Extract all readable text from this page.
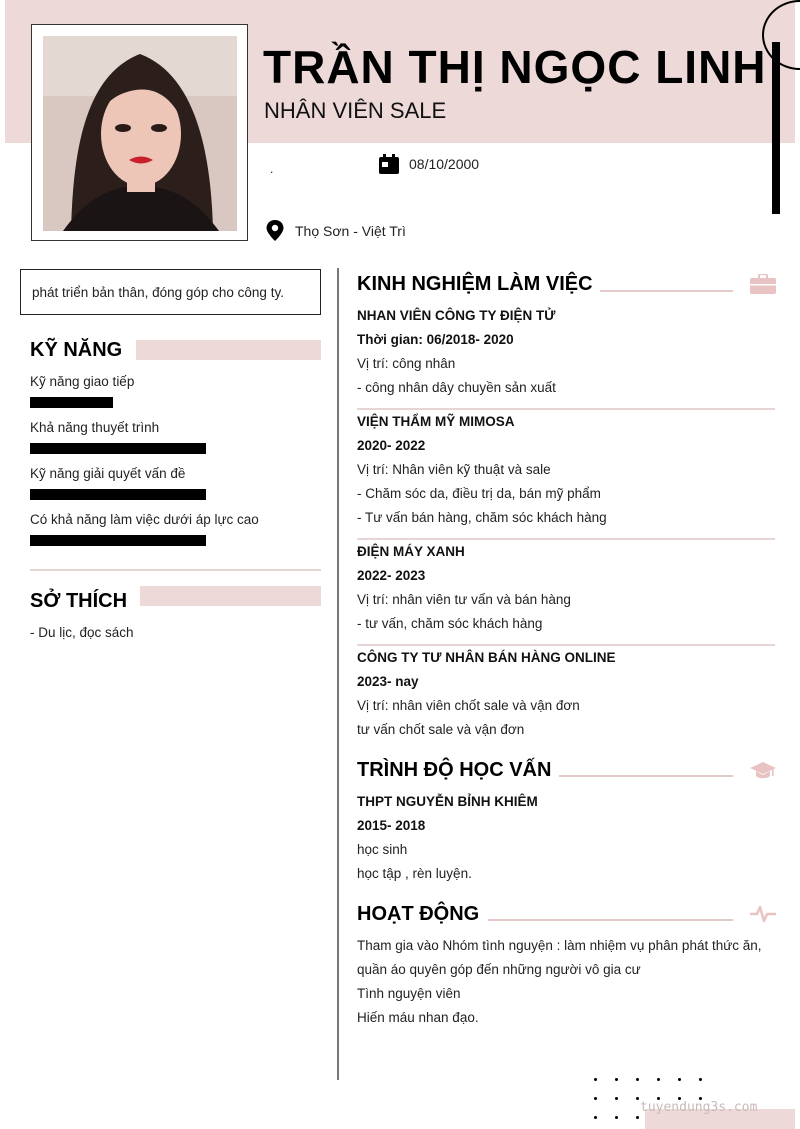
TRẦN THỊ NGỌC LINH
NHÂN VIÊN SALE
.	08/10/2000
Thọ Sơn - Việt Trì
phát triển bản thân, đóng góp cho công ty.
KỸ NĂNG
Kỹ năng giao tiếp
Khả năng thuyết trình
Kỹ năng giải quyết vấn đề
Có khả năng làm việc dưới áp lực cao
SỞ THÍCH
- Du lịc, đọc sách
KINH NGHIỆM LÀM VIỆC
NHAN VIÊN CÔNG TY ĐIỆN TỬ
Thời gian: 06/2018- 2020
Vị trí: công nhân
- công nhân dây chuyền sản xuất
VIỆN THẨM MỸ MIMOSA
2020- 2022
Vị trí: Nhân viên kỹ thuật và sale
- Chăm sóc da, điều trị da, bán mỹ phẩm
- Tư vấn bán hàng, chăm sóc khách hàng
ĐIỆN MÁY XANH
2022- 2023
Vị trí: nhân viên tư vấn và bán hàng
- tư vấn, chăm sóc khách hàng
CÔNG TY TƯ NHÂN BÁN HÀNG ONLINE
2023- nay
Vị trí: nhân viên chốt sale và vận đơn
tư vấn chốt sale và vận đơn
TRÌNH ĐỘ HỌC VẤN
THPT NGUYỄN BỈNH KHIÊM
2015- 2018
học sinh
học tập , rèn luyện.
HOẠT ĐỘNG
Tham gia vào Nhóm tình nguyện : làm nhiệm vụ phân phát thức ăn,
quần áo quyên góp đến những người vô gia cư
Tình nguyện viên
Hiến máu nhan đạo.
tuyendung3s.com
